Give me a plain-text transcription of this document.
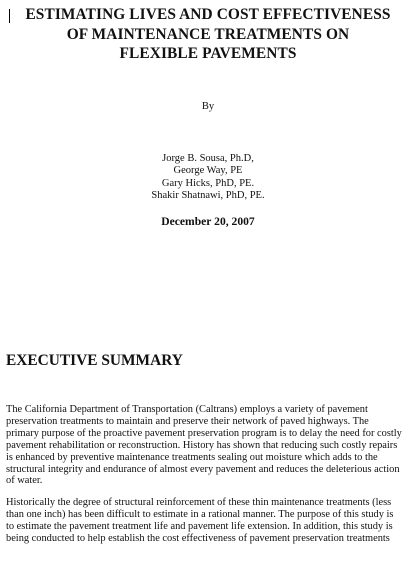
ESTIMATING LIVES AND COST EFFECTIVENESS
OF MAINTENANCE TREATMENTS ON
FLEXIBLE PAVEMENTS
By
Jorge B. Sousa, Ph.D,
George Way, PE
Gary Hicks, PhD, PE.
Shakir Shatnawi, PhD, PE.
December 20, 2007
EXECUTIVE SUMMARY
The California Department of Transportation (Caltrans) employs a variety of pavement
preservation treatments to maintain and preserve their network of paved highways. The
primary purpose of the proactive pavement preservation program is to delay the need for costly
pavement rehabilitation or reconstruction. History has shown that reducing such costly repairs
is enhanced by preventive maintenance treatments sealing out moisture which adds to the
structural integrity and endurance of almost every pavement and reduces the deleterious action
of water.
Historically the degree of structural reinforcement of these thin maintenance treatments (less
than one inch) has been difficult to estimate in a rational manner. The purpose of this study is
to estimate the pavement treatment life and pavement life extension. In addition, this study is
being conducted to help establish the cost effectiveness of pavement preservation treatments
